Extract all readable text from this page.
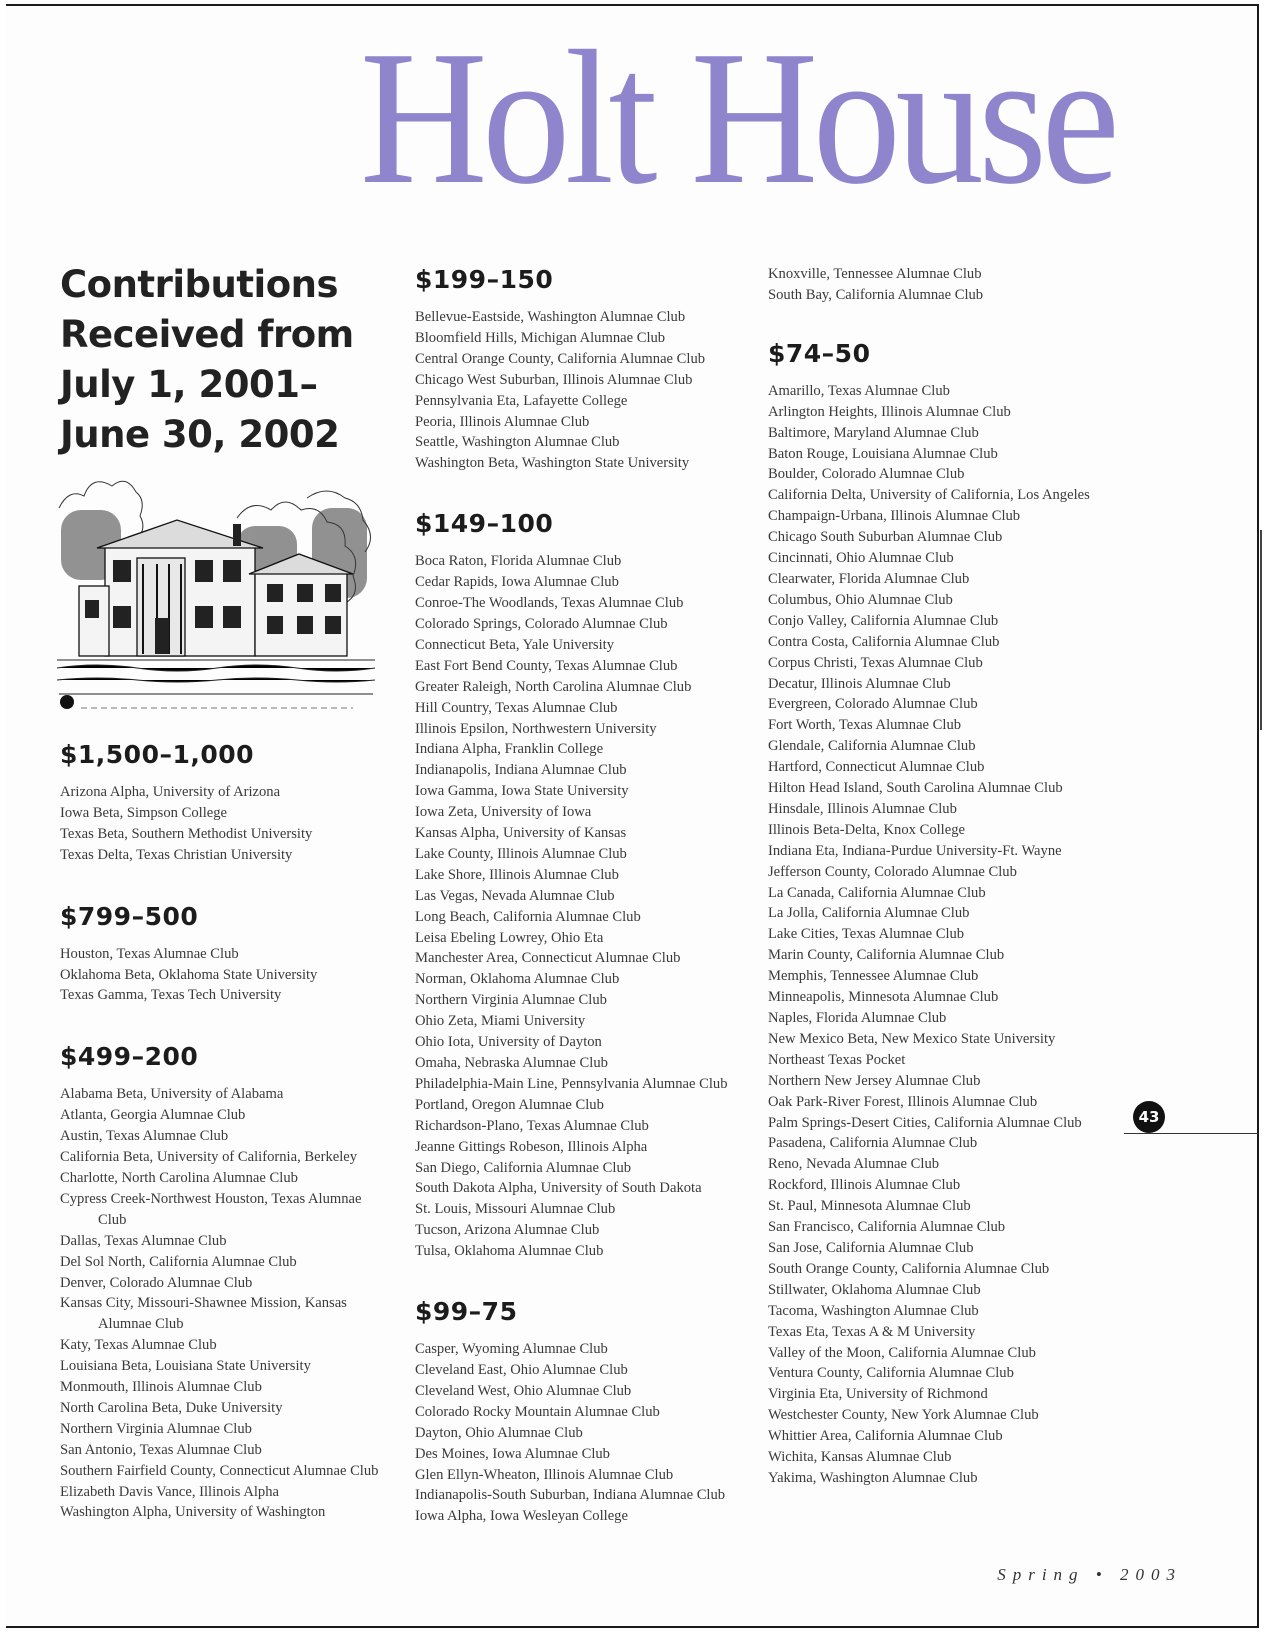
Holt House
Contributions
Received from
July 1, 2001–
June 30, 2002
$1,500–1,000
Arizona Alpha, University of Arizona
Iowa Beta, Simpson College
Texas Beta, Southern Methodist University
Texas Delta, Texas Christian University
$799–500
Houston, Texas Alumnae Club
Oklahoma Beta, Oklahoma State University
Texas Gamma, Texas Tech University
$499–200
Alabama Beta, University of Alabama
Atlanta, Georgia Alumnae Club
Austin, Texas Alumnae Club
California Beta, University of California, Berkeley
Charlotte, North Carolina Alumnae Club
Cypress Creek-Northwest Houston, Texas Alumnae Club
Dallas, Texas Alumnae Club
Del Sol North, California Alumnae Club
Denver, Colorado Alumnae Club
Kansas City, Missouri-Shawnee Mission, Kansas Alumnae Club
Katy, Texas Alumnae Club
Louisiana Beta, Louisiana State University
Monmouth, Illinois Alumnae Club
North Carolina Beta, Duke University
Northern Virginia Alumnae Club
San Antonio, Texas Alumnae Club
Southern Fairfield County, Connecticut Alumnae Club
Elizabeth Davis Vance, Illinois Alpha
Washington Alpha, University of Washington
$199–150
Bellevue-Eastside, Washington Alumnae Club
Bloomfield Hills, Michigan Alumnae Club
Central Orange County, California Alumnae Club
Chicago West Suburban, Illinois Alumnae Club
Pennsylvania Eta, Lafayette College
Peoria, Illinois Alumnae Club
Seattle, Washington Alumnae Club
Washington Beta, Washington State University
$149–100
Boca Raton, Florida Alumnae Club
Cedar Rapids, Iowa Alumnae Club
Conroe-The Woodlands, Texas Alumnae Club
Colorado Springs, Colorado Alumnae Club
Connecticut Beta, Yale University
East Fort Bend County, Texas Alumnae Club
Greater Raleigh, North Carolina Alumnae Club
Hill Country, Texas Alumnae Club
Illinois Epsilon, Northwestern University
Indiana Alpha, Franklin College
Indianapolis, Indiana Alumnae Club
Iowa Gamma, Iowa State University
Iowa Zeta, University of Iowa
Kansas Alpha, University of Kansas
Lake County, Illinois Alumnae Club
Lake Shore, Illinois Alumnae Club
Las Vegas, Nevada Alumnae Club
Long Beach, California Alumnae Club
Leisa Ebeling Lowrey, Ohio Eta
Manchester Area, Connecticut Alumnae Club
Norman, Oklahoma Alumnae Club
Northern Virginia Alumnae Club
Ohio Zeta, Miami University
Ohio Iota, University of Dayton
Omaha, Nebraska Alumnae Club
Philadelphia-Main Line, Pennsylvania Alumnae Club
Portland, Oregon Alumnae Club
Richardson-Plano, Texas Alumnae Club
Jeanne Gittings Robeson, Illinois Alpha
San Diego, California Alumnae Club
South Dakota Alpha, University of South Dakota
St. Louis, Missouri Alumnae Club
Tucson, Arizona Alumnae Club
Tulsa, Oklahoma Alumnae Club
$99–75
Casper, Wyoming Alumnae Club
Cleveland East, Ohio Alumnae Club
Cleveland West, Ohio Alumnae Club
Colorado Rocky Mountain Alumnae Club
Dayton, Ohio Alumnae Club
Des Moines, Iowa Alumnae Club
Glen Ellyn-Wheaton, Illinois Alumnae Club
Indianapolis-South Suburban, Indiana Alumnae Club
Iowa Alpha, Iowa Wesleyan College
Knoxville, Tennessee Alumnae Club
South Bay, California Alumnae Club
$74–50
Amarillo, Texas Alumnae Club
Arlington Heights, Illinois Alumnae Club
Baltimore, Maryland Alumnae Club
Baton Rouge, Louisiana Alumnae Club
Boulder, Colorado Alumnae Club
California Delta, University of California, Los Angeles
Champaign-Urbana, Illinois Alumnae Club
Chicago South Suburban Alumnae Club
Cincinnati, Ohio Alumnae Club
Clearwater, Florida Alumnae Club
Columbus, Ohio Alumnae Club
Conjo Valley, California Alumnae Club
Contra Costa, California Alumnae Club
Corpus Christi, Texas Alumnae Club
Decatur, Illinois Alumnae Club
Evergreen, Colorado Alumnae Club
Fort Worth, Texas Alumnae Club
Glendale, California Alumnae Club
Hartford, Connecticut Alumnae Club
Hilton Head Island, South Carolina Alumnae Club
Hinsdale, Illinois Alumnae Club
Illinois Beta-Delta, Knox College
Indiana Eta, Indiana-Purdue University-Ft. Wayne
Jefferson County, Colorado Alumnae Club
La Canada, California Alumnae Club
La Jolla, California Alumnae Club
Lake Cities, Texas Alumnae Club
Marin County, California Alumnae Club
Memphis, Tennessee Alumnae Club
Minneapolis, Minnesota Alumnae Club
Naples, Florida Alumnae Club
New Mexico Beta, New Mexico State University
Northeast Texas Pocket
Northern New Jersey Alumnae Club
Oak Park-River Forest, Illinois Alumnae Club
Palm Springs-Desert Cities, California Alumnae Club
Pasadena, California Alumnae Club
Reno, Nevada Alumnae Club
Rockford, Illinois Alumnae Club
St. Paul, Minnesota Alumnae Club
San Francisco, California Alumnae Club
San Jose, California Alumnae Club
South Orange County, California Alumnae Club
Stillwater, Oklahoma Alumnae Club
Tacoma, Washington Alumnae Club
Texas Eta, Texas A & M University
Valley of the Moon, California Alumnae Club
Ventura County, California Alumnae Club
Virginia Eta, University of Richmond
Westchester County, New York Alumnae Club
Whittier Area, California Alumnae Club
Wichita, Kansas Alumnae Club
Yakima, Washington Alumnae Club
43
Spring • 2003
